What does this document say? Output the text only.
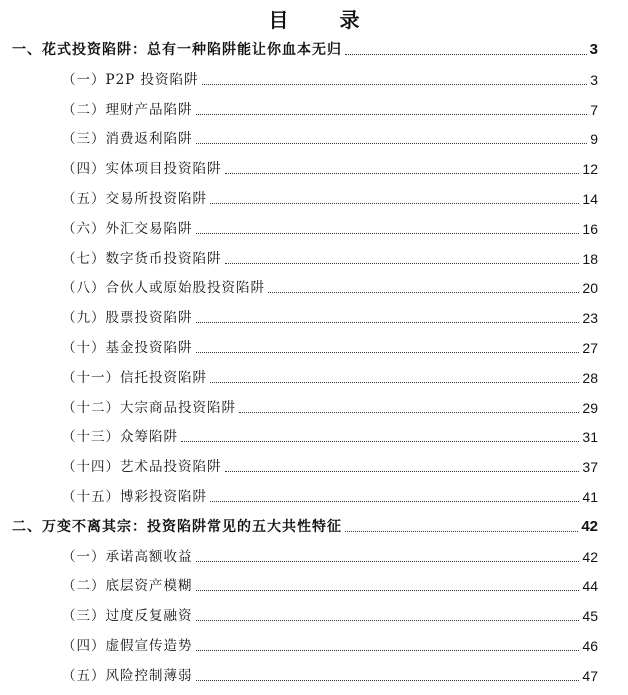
目 录
一、花式投资陷阱：总有一种陷阱能让你血本无归	3
（一）P2P 投资陷阱	3
（二）理财产品陷阱	7
（三）消费返利陷阱	9
（四）实体项目投资陷阱	12
（五）交易所投资陷阱	14
（六）外汇交易陷阱	16
（七）数字货币投资陷阱	18
（八）合伙人或原始股投资陷阱	20
（九）股票投资陷阱	23
（十）基金投资陷阱	27
（十一）信托投资陷阱	28
（十二）大宗商品投资陷阱	29
（十三）众筹陷阱	31
（十四）艺术品投资陷阱	37
（十五）博彩投资陷阱	41
二、万变不离其宗：投资陷阱常见的五大共性特征	42
（一）承诺高额收益	42
（二）底层资产模糊	44
（三）过度反复融资	45
（四）虚假宣传造势	46
（五）风险控制薄弱	47
